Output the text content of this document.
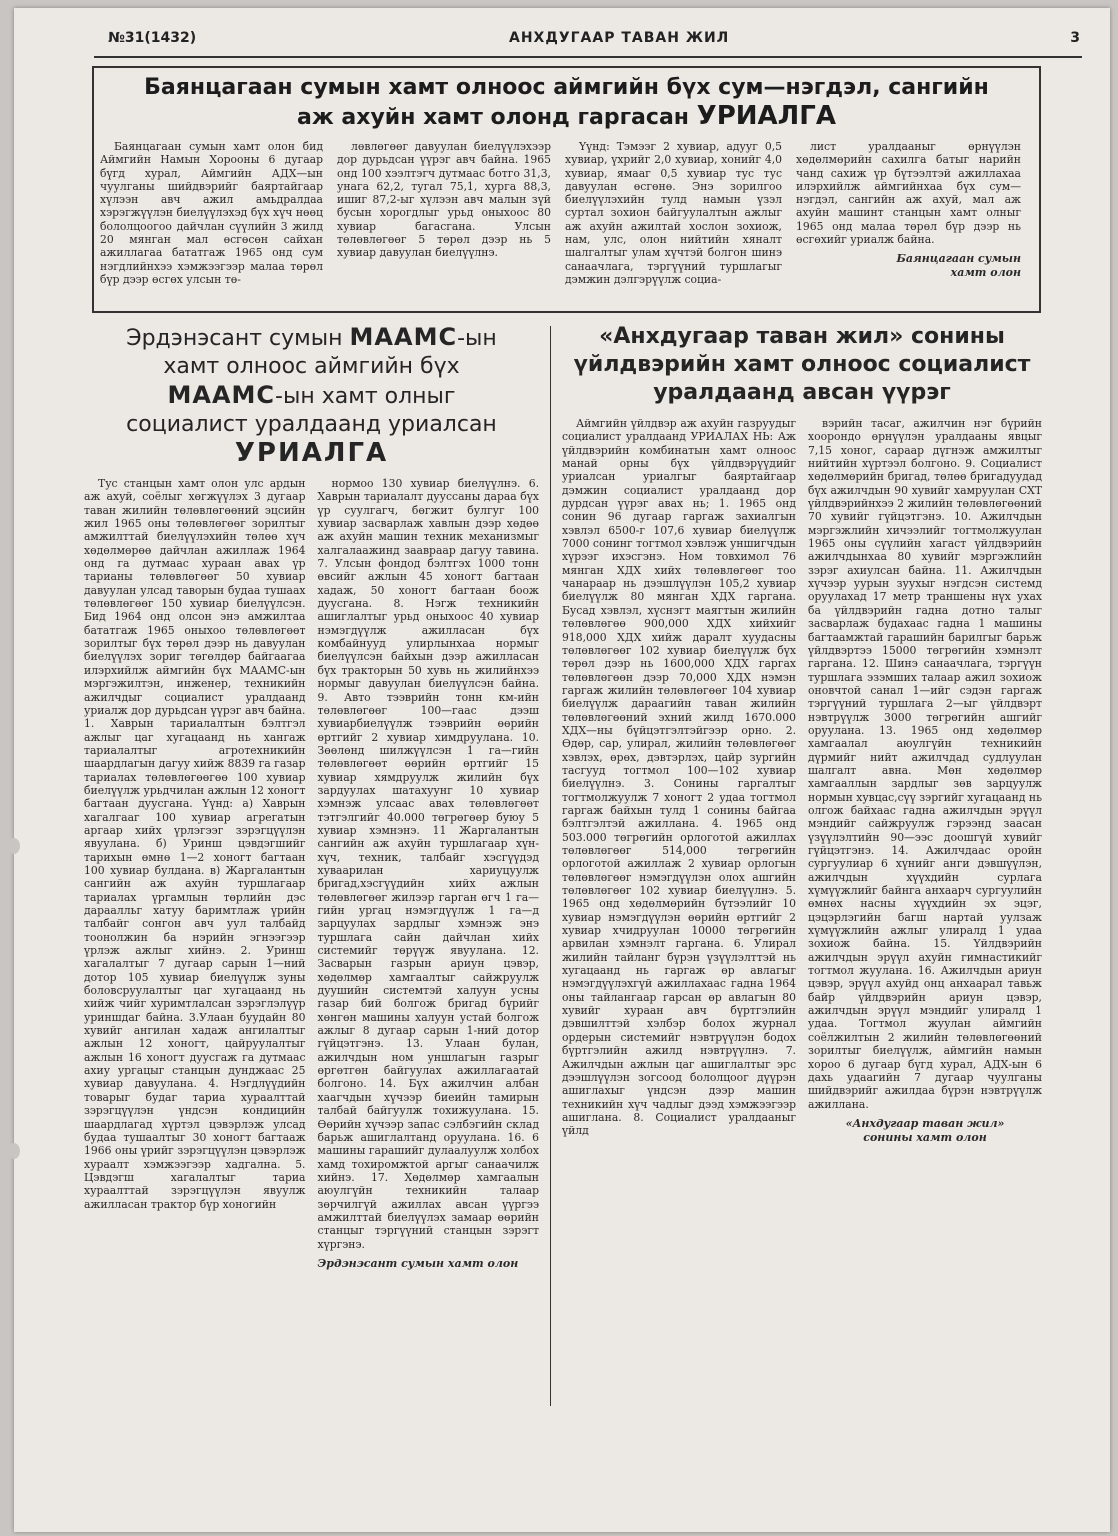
№31(1432)	АНХДУГААР ТАВАН ЖИЛ	3
Баянцагаан сумын хамт олноос аймгийн бүх сум—нэгдэл, сангийн
аж ахуйн хамт олонд гаргасан УРИАЛГА

Баянцагаан сумын хамт олон бид Аймгийн Намын Хорооны 6 дугаар бүгд хурал, Аймгийн АДХ—ын чуулганы шийдвэрийг баяртайгаар хүлээн авч ажил амьдралдаа хэрэгжүүлэн биелүүлэхэд бүх хүч нөөц бололцоогоо дайчлан сүүлийн 3 жилд 20 мянган мал өсгөсөн сайхан ажиллагаа бататгаж 1965 онд сум нэгдлийнхээ хэмжээгээр малаа төрөл бүр дээр өсгөх улсын тө-

лөвлөгөөг давуулан биелүүлэхээр дор дурьдсан үүрэг авч байна. 1965 онд 100 хээлтэгч дутмаас ботго 31,3, унага 62,2, тугал 75,1, хурга 88,3, ишиг 87,2-ыг хүлээн авч малын зүй бусын хорогдлыг урьд оныхоос 80 хувиар багасгана. Улсын төлөвлөгөөг 5 төрөл дээр нь 5 хувиар давуулан биелүүлнэ.

Үүнд: Тэмээг 2 хувиар, адууг 0,5 хувиар, үхрийг 2,0 хувиар, хонийг 4,0 хувиар, ямааг 0,5 хувиар тус тус давуулан өсгөнө. Энэ зорилгоо биелүүлэхийн тулд намын үзэл суртал зохион байгуулалтын ажлыг аж ахуйн ажилтай хослон зохиож, нам, улс, олон нийтийн хяналт шалгалтыг улам хүчтэй болгон шинэ санаачлага, тэргүүний туршлагыг дэмжин дэлгэрүүлж социа-

лист уралдааныг өрнүүлэн хөдөлмөрийн сахилга батыг нарийн чанд сахиж үр бүтээлтэй ажиллахаа илэрхийлж аймгийнхаа бүх сум—нэгдэл, сангийн аж ахуй, мал аж ахуйн машинт станцын хамт олныг 1965 онд малаа төрөл бүр дээр нь өсгөхийг уриалж байна.

Баянцагаан сумын
хамт олон
Эрдэнэсант сумын МААМС-ын
хамт олноос аймгийн бүх
МААМС-ын хамт олныг
социалист уралдаанд уриалсан
УРИАЛГА

Тус станцын хамт олон улс ардын аж ахуй, соёлыг хөгжүүлэх 3 дугаар таван жилийн төлөвлөгөөний эцсийн жил 1965 оны төлөвлөгөөг зорилтыг амжилттай биелүүлэхийн төлөө хүч хөдөлмөрөө дайчлан ажиллаж 1964 онд га дутмаас хураан авах үр тарианы төлөвлөгөөг 50 хувиар давуулан улсад таворын будаа тушаах төлөвлөгөөг 150 хувиар биелүүлсэн. Бид 1964 онд олсон энэ амжилтаа бататгаж 1965 оныхоо төлөвлөгөөт зорилтыг бүх төрөл дээр нь давуулан биелүүлэх зориг төгөлдөр байгаагаа илэрхийлж аймгийн бүх МААМС-ын мэргэжилтэн, инженер, техникийн ажилчдыг социалист уралдаанд уриалж дор дурьдсан үүрэг авч байна. 1. Хаврын тариалалтын бэлтгэл ажлыг цаг хугацаанд нь хангаж тариалалтыг агротехникийн шаардлагын дагуу хийж 8839 га газар тариалах төлөвлөгөөгөө 100 хувиар биелүүлж урьдчилан ажлын 12 хоногт багтаан дууcгана. Үүнд: а) Хаврын хагалгааг 100 хувиар агрегатын аргаар хийх үрлэгээг зэрэгцүүлэн явуулана. б) Уринш цэвдэгшийг тарихын өмнө 1—2 хоногт багтаан 100 хувиар булдана. в) Жаргалантын сангийн аж ахуйн туршлагаар тариалах үргамлын төрлийн дэс дараалльг хатуу баримтлаж үрийн талбайг сонгон авч уул талбайд тоонолжин ба нэрийн эгнээгээр үрлэж ажлыг хийнэ. 2. Уринш хагалалтыг 7 дугаар сарын 1—ний дотор 105 хувиар биелүүлж зуны боловсруулалтыг цаг хугацаанд нь хийж чийг хуримтлалсан зэрэглэлүүр уриншдаг байна. 3.Улаан буудайн 80 хувийг ангилан хадаж ангилалтыг ажлын 12 хоногт, цайруулалтыг ажлын 16 хоногт дууcгаж га дутмаас ахиу ургацыг станцын дунджаас 25 хувиар давуулана. 4. Нэгдлүүдийн товарыг будаг тариа хураалттай зэрэгцүүлэн үндсэн кондицийн шаардлагад хүртэл цэвэрлэж улсад будаа тушаалтыг 30 хоногт багтааж 1966 оны үрийг зэрэгцүүлэн цэвэрлэж хураалт хэмжээгээр хадгална. 5. Цэвдэгш хагалалтыг тариа хураалттай зэрэгцүүлэн явуулж ажиллаcан трактор бүр хоногийн

нормоо 130 хувиар биелүүлнэ. 6. Хаврын тариалалт дууссаны дараа бүх үр суулгагч, бөгжит булгуг 100 хувиар засварлаж хавлын дээр хөдөө аж ахуйн машин техник механизмыг халгалаажинд заавраар дагуу тавина. 7. Улсын фондод бэлтгэх 1000 тонн өвсийг ажлын 45 хоногт багтаан хадаж, 50 хоногт багтаан боож дуусгана. 8. Нэгж техникийн ашиглалтыг урьд оныхоос 40 хувиар нэмэгдүүлж ажиллаcан бүх комбайнууд улирлынхаа нормыг биелүүлсэн байхын дээр ажиллаcан бүх тракторын 50 хувь нь жилийнхээ нормыг давуулан биелүүлсэн байна. 9. Авто тээврийн тонн км-ийн төлөвлөгөөг 100—гаас дээш хувиарбиелүүлж тээврийн өөрийн өртгийг 2 хувиар химдруулана. 10. Зөөлөнд шилжүүлсэн 1 га—гийн төлөвлөгөөт өөрийн өртгийг 15 хувиар хямдруулж жилийн бүх зардуулах шатахуунг 10 хувиар хэмнэж улсаас авах төлөвлөгөөт тэтгэлгийг 40.000 төгрөгөөр буюу 5 хувиар хэмнэнэ. 11 Жаргалантын сангийн аж ахуйн туршлагаар хүн-хүч, техник, талбайг хэсгүүдэд хуваарилан хариуцуулж бригад,хэсгүүдийн хийх ажлын төлөвлөгөөг жилээр гарган өгч 1 га—гийн ургац нэмэгдүүлж 1 га—д зарцуулах зардлыг хэмнэж энэ туршлага сайн дайчлан хийх систeмийг төрүүж явуулана. 12. Засварын газрын ариун цэвэр, хөдөлмөр хамгаалтыг сайжруулж дуушийн систeмтэй халуун усны газар бий болгож бригад бүрийг хөнгөн машины халуун устай болгож ажлыг 8 дугаар сарын 1-ний дотор гүйцэтгэнэ. 13. Улаан булан, ажилчдын ном уншлагын газрыг өргөтгөн байгуулах ажиллагаатай болгоно. 14. Бүх ажилчин албан хаагчдын хүчээр биеийн тамирын талбай байгуулж тохижуулана. 15. Өөрийн хүчээр запас сэлбэгийн склад барьж ашиглалтанд оруулана. 16. 6 машины гарашийг дулаалуулж холбох хамд тохиромжтой аргыг санаачилж хийнэ. 17. Хөдөлмөр хамгаалын аюулгүйн техникийн талаар зөрчилгүй ажиллаx авсан үүргээ амжилттай биелүүлэх замаар өөрийн станцыг тэргүүний станцын зэрэгт хүргэнэ.

Эрдэнэсант сумын хамт олон
«Анхдугаар таван жил» сонины
үйлдвэрийн хамт олноос социалист
уралдаанд авсан үүрэг

Аймгийн үйлдвэр аж ахуйн газруудыг социалист уралдаанд УРИАЛАХ НЬ: Аж үйлдвэрийн комбинатын хамт олноос манай орны бүх үйлдвэрүүдийг уриалсан уриалгыг баяртайгаар дэмжин социалист уралдаанд дор дурдсан үүрэг авах нь; 1. 1965 онд сонин 96 дугаар гаргаж захиалгын хэвлэл 6500-г 107,6 хувиар биелүүлж 7000 сонинг тогтмол хэвлэж уншигчдын хүрээг ихэсгэнэ. Ном товхимол 76 мянган ХДХ хийх төлөвлөгөөг тоо чанараар нь дээшлүүлэн 105,2 хувиар биелүүлж 80 мянган ХДХ гаргана. Бусад хэвлэл, хүснэгт маягтын жилийн төлөвлөгөө 900,000 ХДХ хийхийг 918,000 ХДХ хийж даралт хуудасны төлөвлөгөөг 102 хувиар биелүүлж бүх төрөл дээр нь 1600,000 ХДХ гаргах төлөвлөгөөн дээр 70,000 ХДХ нэмэн гаргаж жилийн төлөвлөгөөг 104 хувиар биелүүлж дараагийн таван жилийн төлөвлөгөөний эхний жилд 1670.000 ХДХ—ны бүйцэтгэлтэйгээр орно. 2. Өдөр, сар, улирал, жилийн төлөвлөгөөг хэвлэх, өрөх, дэвтэрлэх, цайр зургийн тасгууд тогтмол 100—102 хувиар биелүүлнэ. 3. Сонины гаргалтыг тогтмолжуулж 7 хоногт 2 удаа тогтмол гаргаж байхын тулд 1 сонины байгаа бэлтгэлтэй ажиллана. 4. 1965 онд 503.000 төгрөгийн орлоготой ажиллах төлөвлөгөөг 514,000 төгрөгийн орлоготой ажиллаж 2 хувиар орлогын төлөвлөгөөг нэмэгдүүлэн олох ашгийн төлөвлөгөөг 102 хувиар биелүүлнэ. 5. 1965 онд хөдөлмөрийн бүтээлийг 10 хувиар нэмэгдүүлэн өөрийн өртгийг 2 хувиар хчидруулан 10000 төгрөгийн арвилан хэмнэлт гаргана. 6. Улирал жилийн тайланг бүрэн үзүүлэлттэй нь хугацаанд нь гаргаж өр авлагыг нэмэгдүүлэхгүй ажиллахаас гадна 1964 оны тайлангаар гарсан өр авлагын 80 хувийг хураан авч бүртгэлийн дэвшилттэй хэлбэр болох журнал ордерын систeмийг нэвтрүүлэн бодох бүртгэлийн ажилд нэвтрүүлнэ. 7. Ажилчдын ажлын цаг ашиглалтыг эрс дээшлүүлэн зогсоод бололцоог дүүрэн ашиглахыг үндсэн дээр машин техникийн хүч чадлыг дээд хэмжээгээр ашиглана. 8. Социалист уралдааныг үйлд

вэрийн тасаг, ажилчин нэг бүрийн хоорондо өрнүүлэн уралдааны явцыг 7,15 хоног, сараар дүгнэж амжилтыг нийтийн хүртээл болгоно. 9. Социалист хөдөлмөрийн бригад, төлөө бригадуудад бүх ажилчдын 90 хувийг хамруулан СХТ үйлдвэрийнхээ 2 жилийн төлөвлөгөөний 70 хувийг гүйцэтгэнэ. 10. Ажилчдын мэргэжлийн хичээлийг тогтмолжуулан 1965 оны сүүлийн хагаст үйлдвэрийн ажилчдынхаа 80 хувийг мэргэжлийн зэрэг ахиулсан байна. 11. Ажилчдын хүчээр уурын зуухыг нэгдсэн систeмд оруулахад 17 метр траншены нүх ухах ба үйлдвэрийн гадна дотно талыг засварлаж будахаас гадна 1 машины багтаамжтай гарашийн барилгыг барьж үйлдвэртээ 15000 төгрөгийн хэмнэлт гаргана. 12. Шинэ санаачлага, тэргүүн туршлага эзэмших талаар ажил зохиож оновчтой санал 1—ийг сэдэн гаргаж тэргүүний туршлага 2—ыг үйлдвэрт нэвтрүүлж 3000 төгрөгийн ашгийг оруулана. 13. 1965 онд хөдөлмөр хамгаалал аюулгүйн техникийн дүрмийг нийт ажилчдад судлуулан шалгалт авна. Мөн хөдөлмөр хамгааллын зардлыг зөв зарцуулж нормын хувцас,сүү зэргийг хугацаанд нь олгож байхаас гадна ажилчдын эрүүл мэндийг сайжруулж гэрээнд заасан үзүүлэлтийн 90—ээс доошгүй хувийг гүйцэтгэнэ. 14. Ажилчдаас оройн сургуулиар 6 хүнийг анги дэвшүүлэн, ажилчдын хүүхдийн сурлага хүмүүжлийг байнга анхаарч сургуулийн өмнөх насны хүүхдийн эх эцэг, цэцэрлэгийн багш нартай уулзаж хүмүүжлийн ажлыг улиралд 1 удаа зохиож байна. 15. Үйлдвэрийн ажилчдын эрүүл ахуйн гимнастикийг тогтмол жуулана. 16. Ажилчдын ариун цэвэр, эрүүл ахуйд онц анхаарал тавьж байр үйлдвэрийн ариун цэвэр, ажилчдын эрүүл мэндийг улиралд 1 удаа. Тогтмол жуулан аймгийн соёлжилтын 2 жилийн төлөвлөгөөний зорилтыг биелүүлж, аймгийн намын хороо 6 дугаар бүгд хурал, АДХ-ын 6 дахь удаагийн 7 дугаар чуулганы шийдвэрийг ажилдаа бүрэн нэвтрүүлж ажиллана.

«Анхдугаар таван жил»
сонины хамт олон
